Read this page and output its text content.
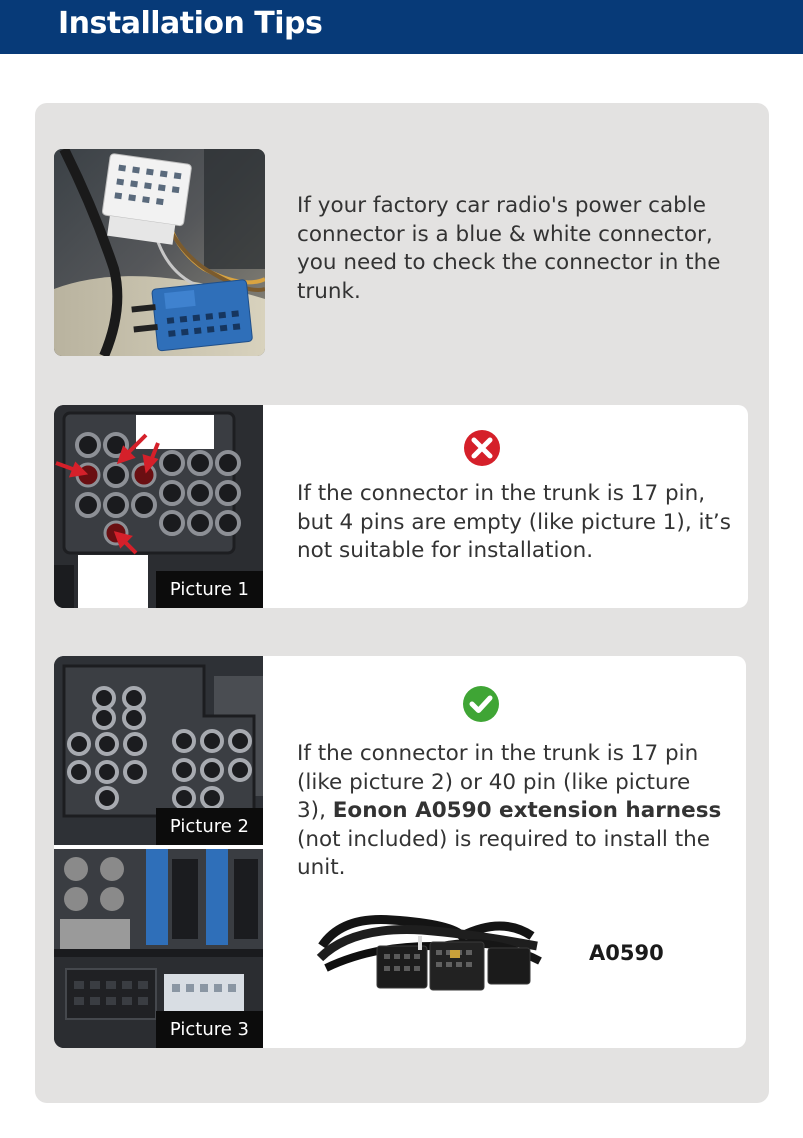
Installation Tips
If your factory car radio's power cable connector is a blue & white connector, you need to check the connector in the trunk.
Picture 1
If the connector in the trunk is 17 pin, but 4 pins are empty (like picture 1), it’s not suitable for installation.
Picture 2
Picture 3
If the connector in the trunk is 17 pin (like picture 2) or 40 pin (like picture 3), Eonon A0590 extension harness (not included) is required to install the unit.
A0590
